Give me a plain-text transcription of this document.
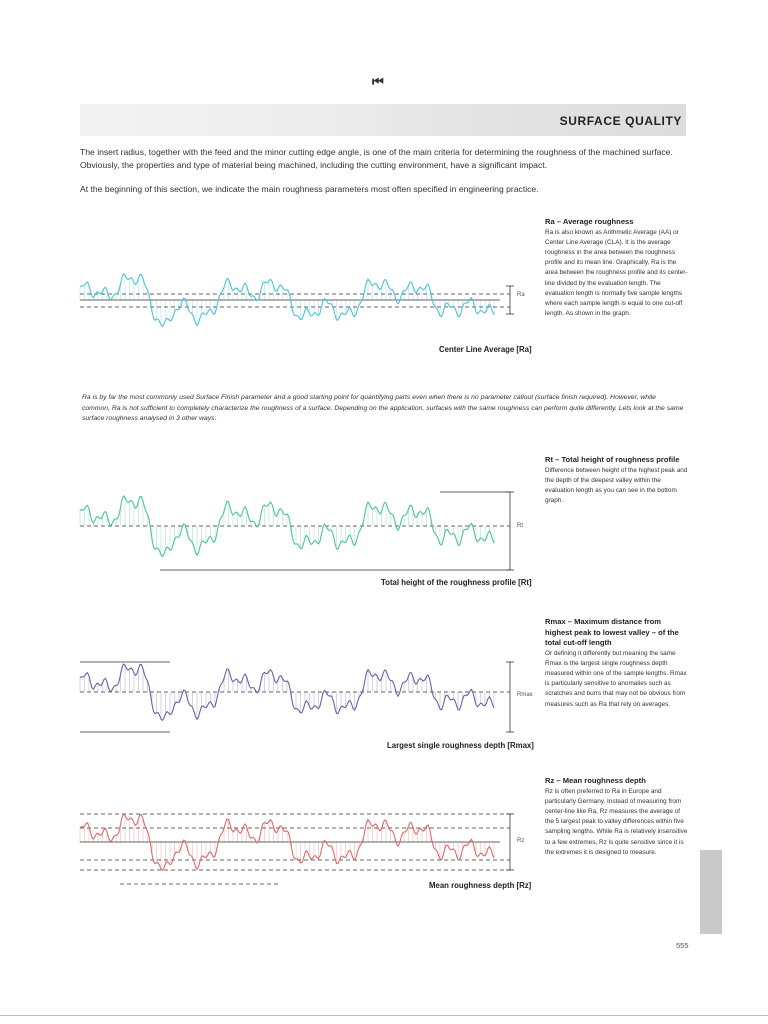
⏮
SURFACE QUALITY
The insert radius, together with the feed and the minor cutting edge angle, is one of the main criteria for determining the roughness of the machined surface. Obviously, the properties and type of material being machined, including the cutting environment, have a significant impact.
At the beginning of this section, we indicate the main roughness parameters most often specified in engineering practice.
Ra – Average roughness
Ra is also known as Arithmetic Average (AA) or Center Line Average (CLA). It is the average roughness in the area between the roughness profile and its mean line. Graphically, Ra is the area between the roughness profile and its center-line divided by the evaluation length. The evaluation length is normally five sample lengths where each sample length is equal to one cut-off length. As shown in the graph.
Ra
Center Line Average [Ra]
Ra is by far the most commonly used Surface Finish parameter and a good starting point for quantifying parts even when there is no parameter callout (surface finish required). However, while common, Ra is not sufficient to completely characterize the roughness of a surface. Depending on the application, surfaces with the same roughness can perform quite differently. Lets look at the same surface roughness analysed in 3 other ways:
Rt – Total height of roughness profile
Difference between height of the highest peak and the depth of the deepest valley within the evaluation length as you can see in the bottom graph.
Rt
Total height of the roughness profile [Rt]
Rmax – Maximum distance from highest peak to lowest valley – of the total cut-off length
Or defining it differently but meaning the same Rmax is the largest single roughness depth measured within one of the sample lengths. Rmax is particularly sensitive to anomalies such as scratches and burrs that may not be obvious from measures such as Ra that rely on averages.
Rmax
Largest single roughness depth [Rmax]
Rz – Mean roughness depth
Rz is often preferred to Ra in Europe and particularly Germany. Instead of measuring from center-line like Ra, Rz measures the average of the 5 largest peak to valley differences within five sampling lengths. While Ra is relatively insensitive to a few extremes, Rz is quite sensitive since it is the extremes it is designed to measure.
Rz
Mean roughness depth [Rz]
555
